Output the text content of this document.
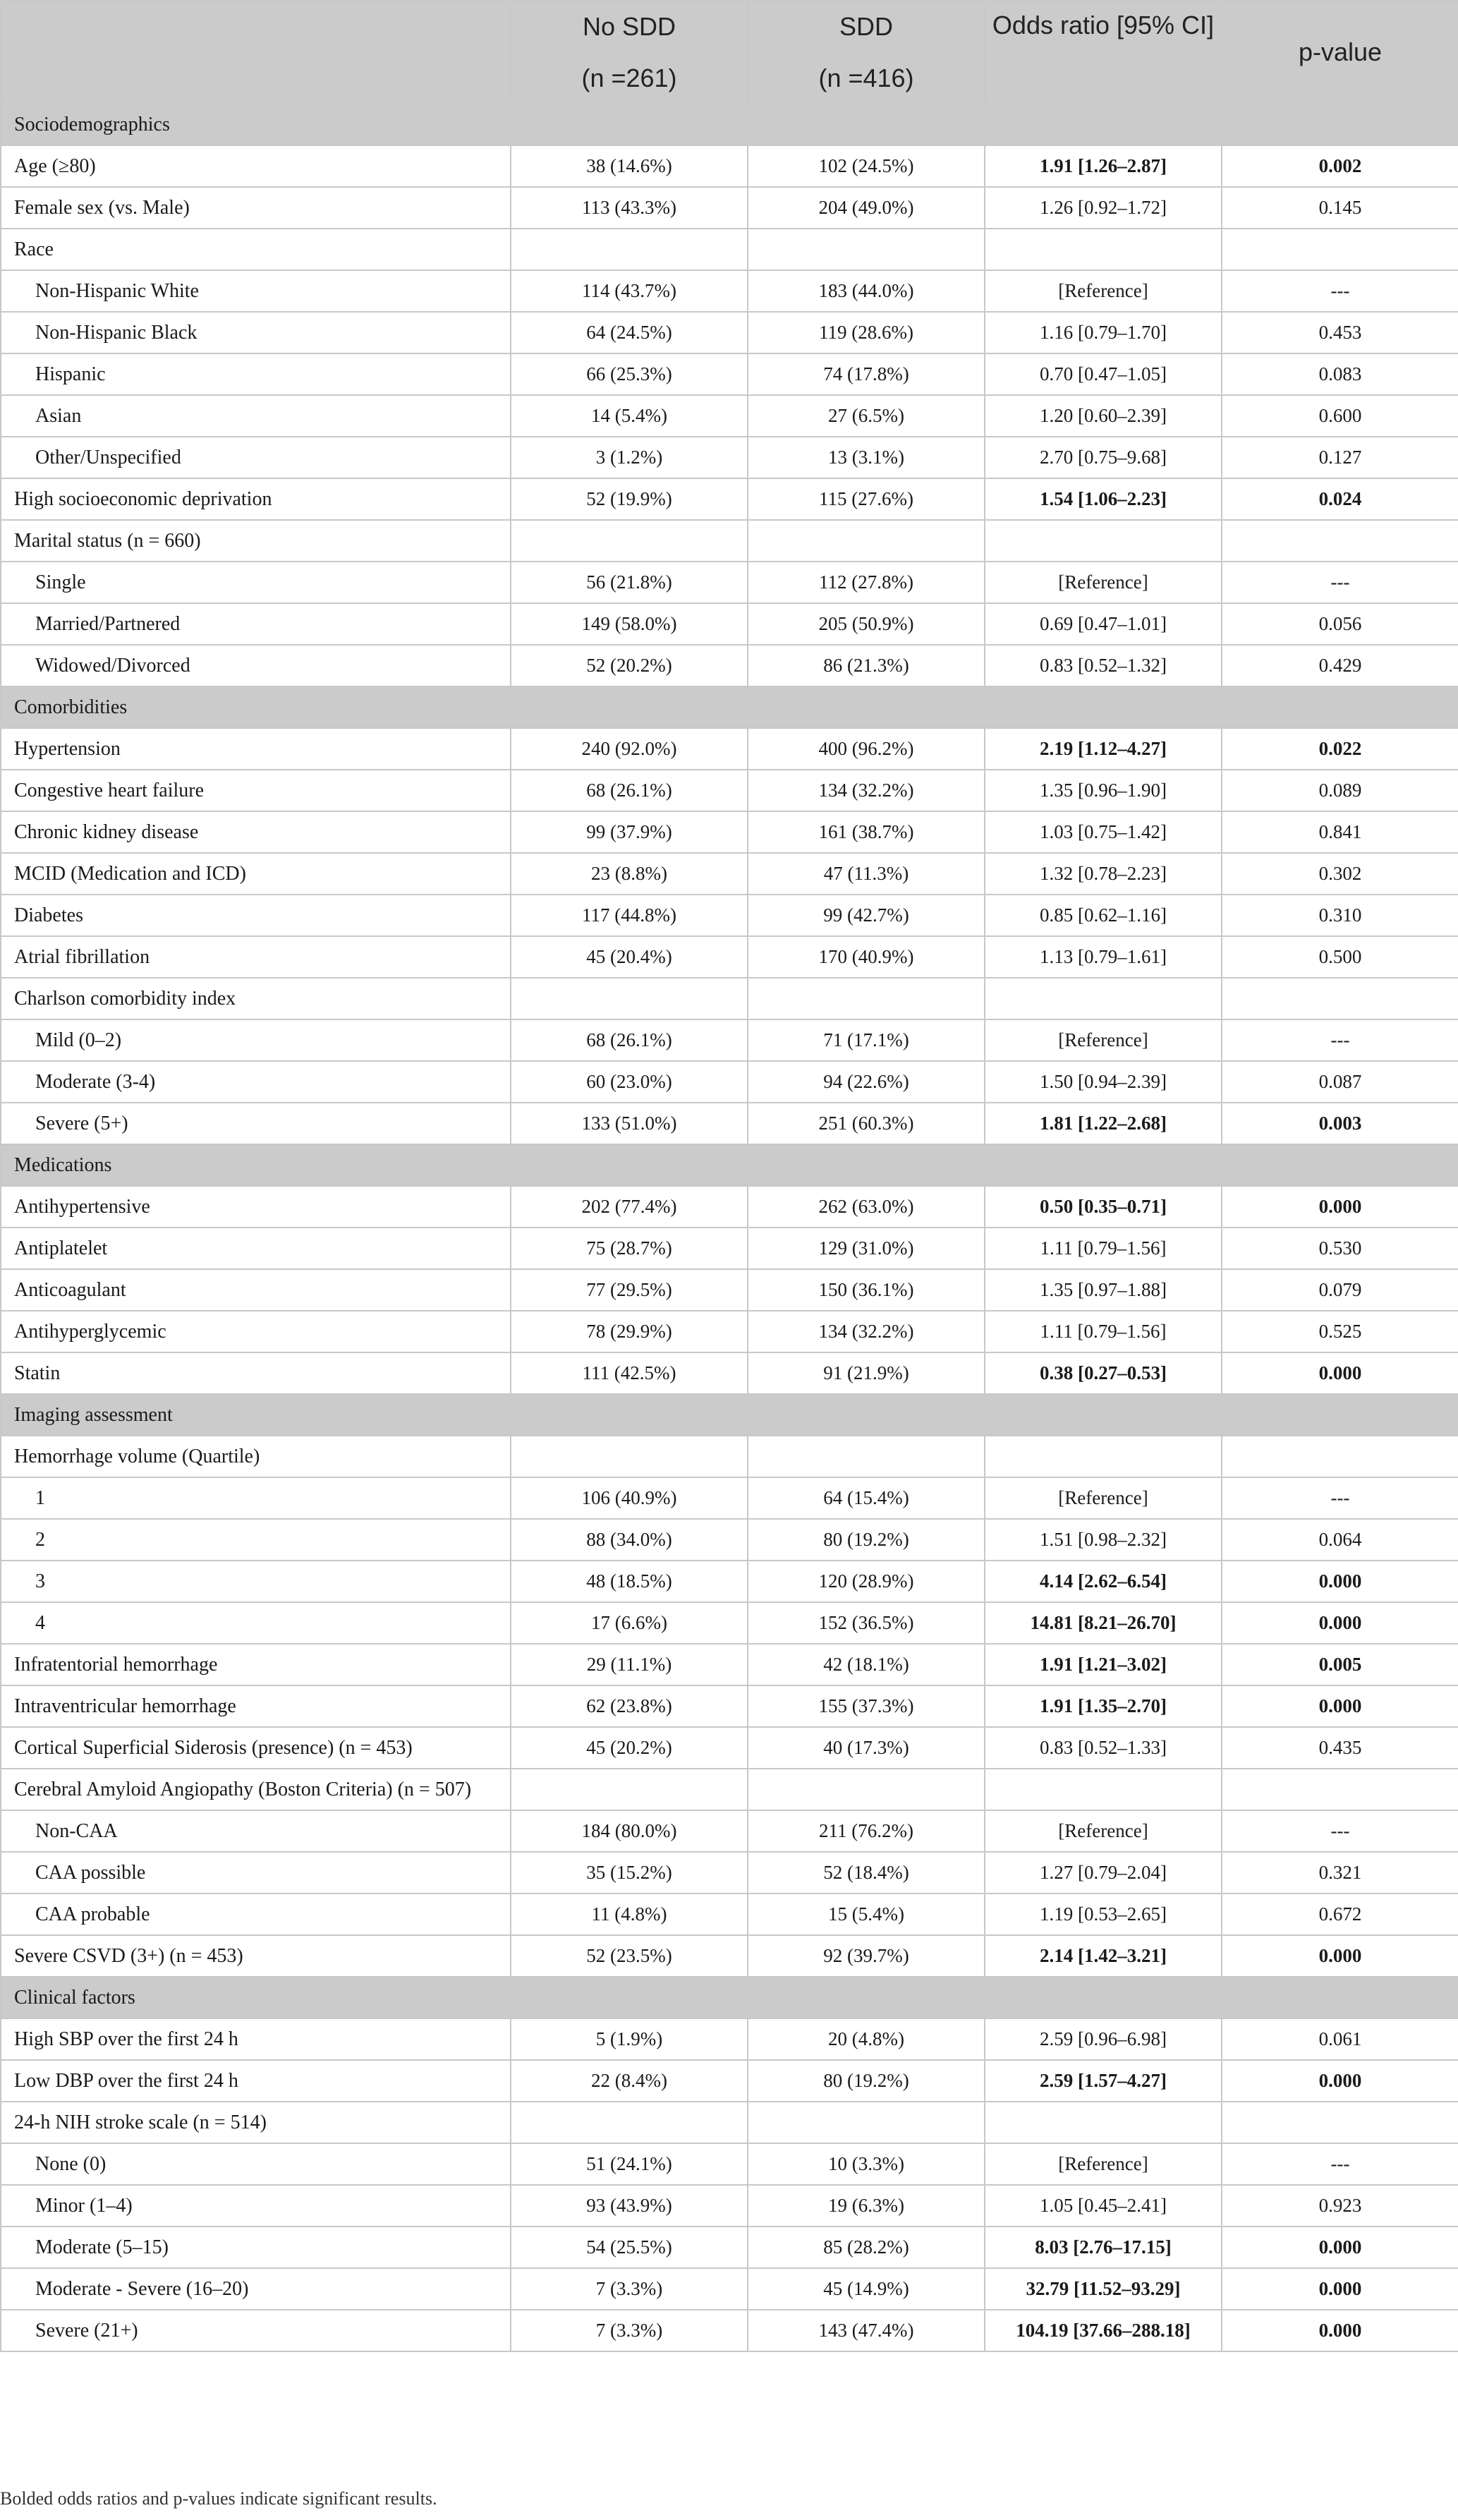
	No SDD	SDD	Odds ratio [95% CI]	p-value
	(n =261)	(n =416)		
Sociodemographics				
Age (≥80)	38 (14.6%)	102 (24.5%)	1.91 [1.26–2.87]	0.002
Female sex (vs. Male)	113 (43.3%)	204 (49.0%)	1.26 [0.92–1.72]	0.145
Race				
Non-Hispanic White	114 (43.7%)	183 (44.0%)	[Reference]	---
Non-Hispanic Black	64 (24.5%)	119 (28.6%)	1.16 [0.79–1.70]	0.453
Hispanic	66 (25.3%)	74 (17.8%)	0.70 [0.47–1.05]	0.083
Asian	14 (5.4%)	27 (6.5%)	1.20 [0.60–2.39]	0.600
Other/Unspecified	3 (1.2%)	13 (3.1%)	2.70 [0.75–9.68]	0.127
High socioeconomic deprivation	52 (19.9%)	115 (27.6%)	1.54 [1.06–2.23]	0.024
Marital status (n = 660)				
Single	56 (21.8%)	112 (27.8%)	[Reference]	---
Married/Partnered	149 (58.0%)	205 (50.9%)	0.69 [0.47–1.01]	0.056
Widowed/Divorced	52 (20.2%)	86 (21.3%)	0.83 [0.52–1.32]	0.429
Comorbidities				
Hypertension	240 (92.0%)	400 (96.2%)	2.19 [1.12–4.27]	0.022
Congestive heart failure	68 (26.1%)	134 (32.2%)	1.35 [0.96–1.90]	0.089
Chronic kidney disease	99 (37.9%)	161 (38.7%)	1.03 [0.75–1.42]	0.841
MCID (Medication and ICD)	23 (8.8%)	47 (11.3%)	1.32 [0.78–2.23]	0.302
Diabetes	117 (44.8%)	99 (42.7%)	0.85 [0.62–1.16]	0.310
Atrial fibrillation	45 (20.4%)	170 (40.9%)	1.13 [0.79–1.61]	0.500
Charlson comorbidity index				
Mild (0–2)	68 (26.1%)	71 (17.1%)	[Reference]	---
Moderate (3-4)	60 (23.0%)	94 (22.6%)	1.50 [0.94–2.39]	0.087
Severe (5+)	133 (51.0%)	251 (60.3%)	1.81 [1.22–2.68]	0.003
Medications				
Antihypertensive	202 (77.4%)	262 (63.0%)	0.50 [0.35–0.71]	0.000
Antiplatelet	75 (28.7%)	129 (31.0%)	1.11 [0.79–1.56]	0.530
Anticoagulant	77 (29.5%)	150 (36.1%)	1.35 [0.97–1.88]	0.079
Antihyperglycemic	78 (29.9%)	134 (32.2%)	1.11 [0.79–1.56]	0.525
Statin	111 (42.5%)	91 (21.9%)	0.38 [0.27–0.53]	0.000
Imaging assessment				
Hemorrhage volume (Quartile)				
1	106 (40.9%)	64 (15.4%)	[Reference]	---
2	88 (34.0%)	80 (19.2%)	1.51 [0.98–2.32]	0.064
3	48 (18.5%)	120 (28.9%)	4.14 [2.62–6.54]	0.000
4	17 (6.6%)	152 (36.5%)	14.81 [8.21–26.70]	0.000
Infratentorial hemorrhage	29 (11.1%)	42 (18.1%)	1.91 [1.21–3.02]	0.005
Intraventricular hemorrhage	62 (23.8%)	155 (37.3%)	1.91 [1.35–2.70]	0.000
Cortical Superficial Siderosis (presence) (n = 453)	45 (20.2%)	40 (17.3%)	0.83 [0.52–1.33]	0.435
Cerebral Amyloid Angiopathy (Boston Criteria) (n = 507)				
Non-CAA	184 (80.0%)	211 (76.2%)	[Reference]	---
CAA possible	35 (15.2%)	52 (18.4%)	1.27 [0.79–2.04]	0.321
CAA probable	11 (4.8%)	15 (5.4%)	1.19 [0.53–2.65]	0.672
Severe CSVD (3+) (n = 453)	52 (23.5%)	92 (39.7%)	2.14 [1.42–3.21]	0.000
Clinical factors				
High SBP over the first 24 h	5 (1.9%)	20 (4.8%)	2.59 [0.96–6.98]	0.061
Low DBP over the first 24 h	22 (8.4%)	80 (19.2%)	2.59 [1.57–4.27]	0.000
24-h NIH stroke scale (n = 514)				
None (0)	51 (24.1%)	10 (3.3%)	[Reference]	---
Minor (1–4)	93 (43.9%)	19 (6.3%)	1.05 [0.45–2.41]	0.923
Moderate (5–15)	54 (25.5%)	85 (28.2%)	8.03 [2.76–17.15]	0.000
Moderate - Severe (16–20)	7 (3.3%)	45 (14.9%)	32.79 [11.52–93.29]	0.000
Severe (21+)	7 (3.3%)	143 (47.4%)	104.19 [37.66–288.18]	0.000
Bolded odds ratios and p-values indicate significant results.
